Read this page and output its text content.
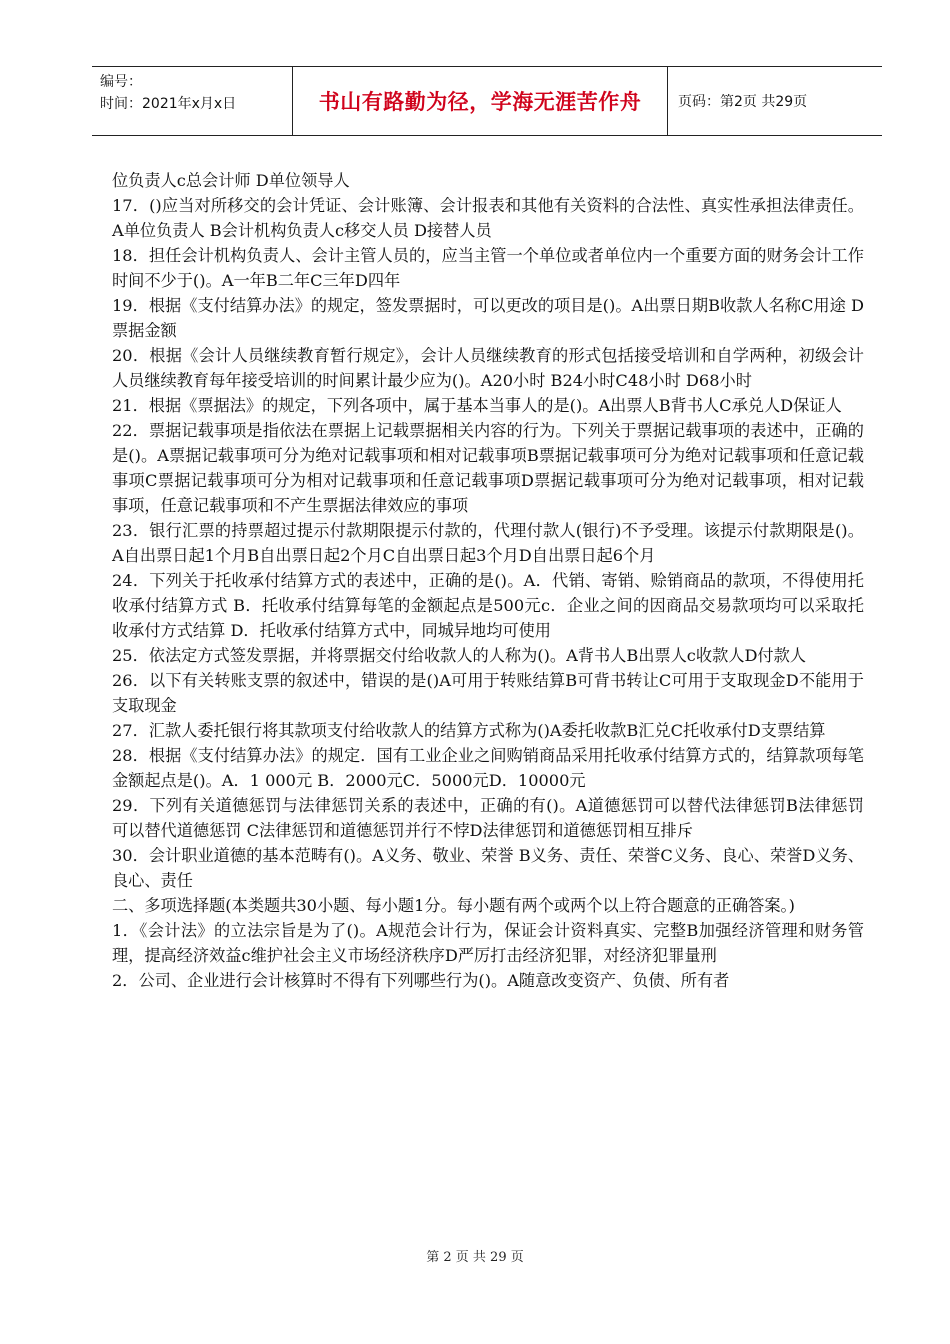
编号：
时间：2021年x月x日	书山有路勤为径，学海无涯苦作舟	页码：第2页 共29页

位负责人c总会计师 D单位领导人

17．()应当对所移交的会计凭证、会计账簿、会计报表和其他有关资料的合法性、真实性承担法律责任。A单位负责人 B会计机构负责人c移交人员 D接替人员

18．担任会计机构负责人、会计主管人员的，应当主管一个单位或者单位内一个重要方面的财务会计工作时间不少于()。A一年B二年C三年D四年

19．根据《支付结算办法》的规定，签发票据时，可以更改的项目是()。A出票日期B收款人名称C用途 D票据金额

20．根据《会计人员继续教育暂行规定》，会计人员继续教育的形式包括接受培训和自学两种，初级会计人员继续教育每年接受培训的时间累计最少应为()。A20小时 B24小时C48小时 D68小时

21．根据《票据法》的规定，下列各项中，属于基本当事人的是()。A出票人B背书人C承兑人D保证人

22．票据记载事项是指依法在票据上记载票据相关内容的行为。下列关于票据记载事项的表述中，正确的是()。A票据记载事项可分为绝对记载事项和相对记载事项B票据记载事项可分为绝对记载事项和任意记载事项C票据记载事项可分为相对记载事项和任意记载事项D票据记载事项可分为绝对记载事项，相对记载事项，任意记载事项和不产生票据法律效应的事项

23．银行汇票的持票超过提示付款期限提示付款的，代理付款人(银行)不予受理。该提示付款期限是()。A自出票日起1个月B自出票日起2个月C自出票日起3个月D自出票日起6个月

24．下列关于托收承付结算方式的表述中，正确的是()。A．代销、寄销、赊销商品的款项，不得使用托收承付结算方式 B．托收承付结算每笔的金额起点是500元c．企业之间的因商品交易款项均可以采取托收承付方式结算 D．托收承付结算方式中，同城异地均可使用

25．依法定方式签发票据，并将票据交付给收款人的人称为()。A背书人B出票人c收款人D付款人

26．以下有关转账支票的叙述中，错误的是()A可用于转账结算B可背书转让C可用于支取现金D不能用于支取现金

27．汇款人委托银行将其款项支付给收款人的结算方式称为()A委托收款B汇兑C托收承付D支票结算

28．根据《支付结算办法》的规定．国有工业企业之间购销商品采用托收承付结算方式的，结算款项每笔金额起点是()。A．1 000元 B．2000元C．5000元D．10000元

29．下列有关道德惩罚与法律惩罚关系的表述中，正确的有()。A道德惩罚可以替代法律惩罚B法律惩罚可以替代道德惩罚 C法律惩罚和道德惩罚并行不悖D法律惩罚和道德惩罚相互排斥

30．会计职业道德的基本范畴有()。A义务、敬业、荣誉 B义务、责任、荣誉C义务、良心、荣誉D义务、良心、责任

二、多项选择题(本类题共30小题、每小题1分。每小题有两个或两个以上符合题意的正确答案。)

1．《会计法》的立法宗旨是为了()。A规范会计行为，保证会计资料真实、完整B加强经济管理和财务管理，提高经济效益c维护社会主义市场经济秩序D严厉打击经济犯罪，对经济犯罪量刑

2．公司、企业进行会计核算时不得有下列哪些行为()。A随意改变资产、负债、所有者

第 2 页 共 29 页
